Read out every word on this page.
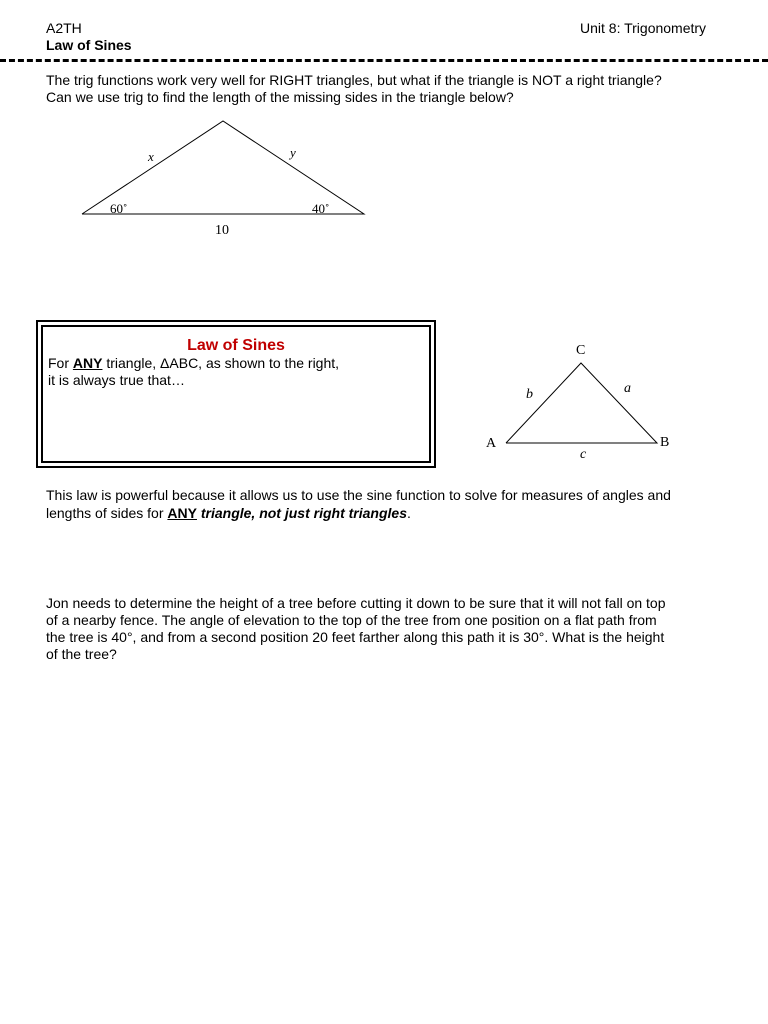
A2TH
Law of Sines
Unit 8: Trigonometry
The trig functions work very well for RIGHT triangles, but what if the triangle is NOT a right triangle?
Can we use trig to find the length of the missing sides in the triangle below?
x	y
60˚	40˚
10
Law of Sines
For ANY triangle, ΔABC, as shown to the right,
it is always true that…
C
A	B
b	a
c
This law is powerful because it allows us to use the sine function to solve for measures of angles and
lengths of sides for ANY triangle, not just right triangles.
Jon needs to determine the height of a tree before cutting it down to be sure that it will not fall on top
of a nearby fence. The angle of elevation to the top of the tree from one position on a flat path from
the tree is 40°, and from a second position 20 feet farther along this path it is 30°. What is the height
of the tree?
